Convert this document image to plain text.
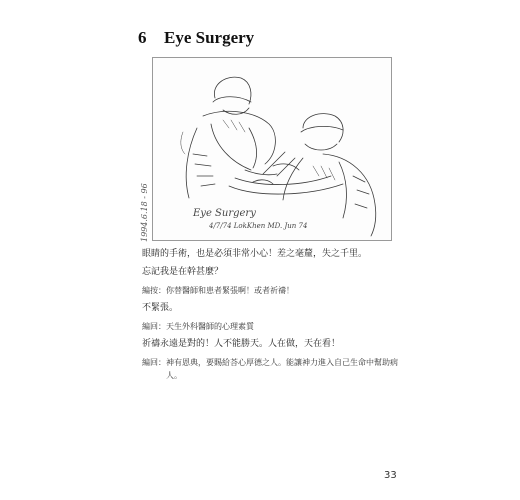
6 Eye Surgery
Eye Surgery
4/7/74 LokKhen MD. Jun 74
1994.6.18 - 96

眼睛的手術，也是必須非常小心！差之毫釐，失之千里。

忘記我是在幹甚麼？

編按：你替醫師和患者緊張啊！或者祈禱！

不緊張。

編回：天生外科醫師的心理素質

祈禱永遠是對的！人不能勝天。人在做，天在看！

編回：神有恩典，要賜給荅心厚德之人。能讓神力進入自己生命中幫助病人。

33
